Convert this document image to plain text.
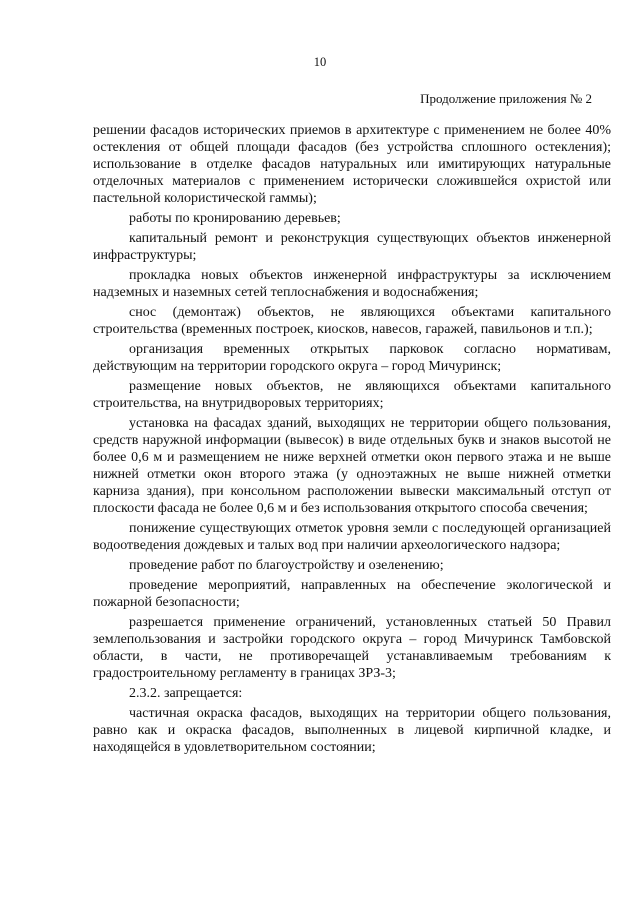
10
Продолжение приложения № 2

решении фасадов исторических приемов в архитектуре с применением не более 40% остекления от общей площади фасадов (без устройства сплошного остекления); использование в отделке фасадов натуральных или имитирующих натуральные отделочных материалов с применением исторически сложившейся охристой или пастельной колористической гаммы);

работы по кронированию деревьев;

капитальный ремонт и реконструкция существующих объектов инженерной инфраструктуры;

прокладка новых объектов инженерной инфраструктуры за исключением надземных и наземных сетей теплоснабжения и водоснабжения;

снос (демонтаж) объектов, не являющихся объектами капитального строительства (временных построек, киосков, навесов, гаражей, павильонов и т.п.);

организация временных открытых парковок согласно нормативам, действующим на территории городского округа – город Мичуринск;

размещение новых объектов, не являющихся объектами капитального строительства, на внутридворовых территориях;

установка на фасадах зданий, выходящих не территории общего пользования, средств наружной информации (вывесок) в виде отдельных букв и знаков высотой не более 0,6 м и размещением не ниже верхней отметки окон первого этажа и не выше нижней отметки окон второго этажа (у одноэтажных не выше нижней отметки карниза здания), при консольном расположении вывески максимальный отступ от плоскости фасада не более 0,6 м и без использования открытого способа свечения;

понижение существующих отметок уровня земли с последующей организацией водоотведения дождевых и талых вод при наличии археологического надзора;

проведение работ по благоустройству и озеленению;

проведение мероприятий, направленных на обеспечение экологической и пожарной безопасности;

разрешается применение ограничений, установленных статьей 50 Правил землепользования и застройки городского округа – город Мичуринск Тамбовской области, в части, не противоречащей устанавливаемым требованиям к градостроительному регламенту в границах ЗРЗ-3;

2.3.2. запрещается:

частичная окраска фасадов, выходящих на территории общего пользования, равно как и окраска фасадов, выполненных в лицевой кирпичной кладке, и находящейся в удовлетворительном состоянии;
